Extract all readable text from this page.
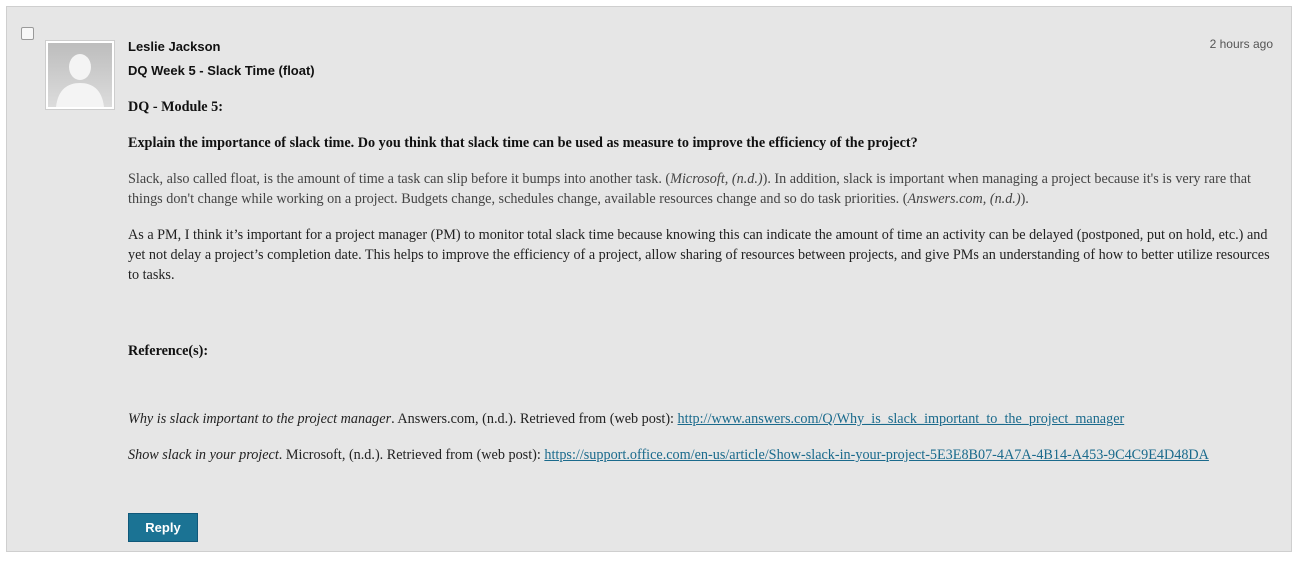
Leslie Jackson
DQ Week 5 - Slack Time (float)
2 hours ago

DQ - Module 5:

Explain the importance of slack time. Do you think that slack time can be used as measure to improve the efficiency of the project?

Slack, also called float, is the amount of time a task can slip before it bumps into another task. (Microsoft, (n.d.)). In addition, slack is important when managing a project because it's is very rare that things don't change while working on a project. Budgets change, schedules change, available resources change and so do task priorities. (Answers.com, (n.d.)).

As a PM, I think it’s important for a project manager (PM) to monitor total slack time because knowing this can indicate the amount of time an activity can be delayed (postponed, put on hold, etc.) and yet not delay a project’s completion date. This helps to improve the efficiency of a project, allow sharing of resources between projects, and give PMs an understanding of how to better utilize resources to tasks.

Reference(s):

Why is slack important to the project manager. Answers.com, (n.d.). Retrieved from (web post): http://www.answers.com/Q/Why_is_slack_important_to_the_project_manager

Show slack in your project. Microsoft, (n.d.). Retrieved from (web post): https://support.office.com/en-us/article/Show-slack-in-your-project-5E3E8B07-4A7A-4B14-A453-9C4C9E4D48DA

Reply
